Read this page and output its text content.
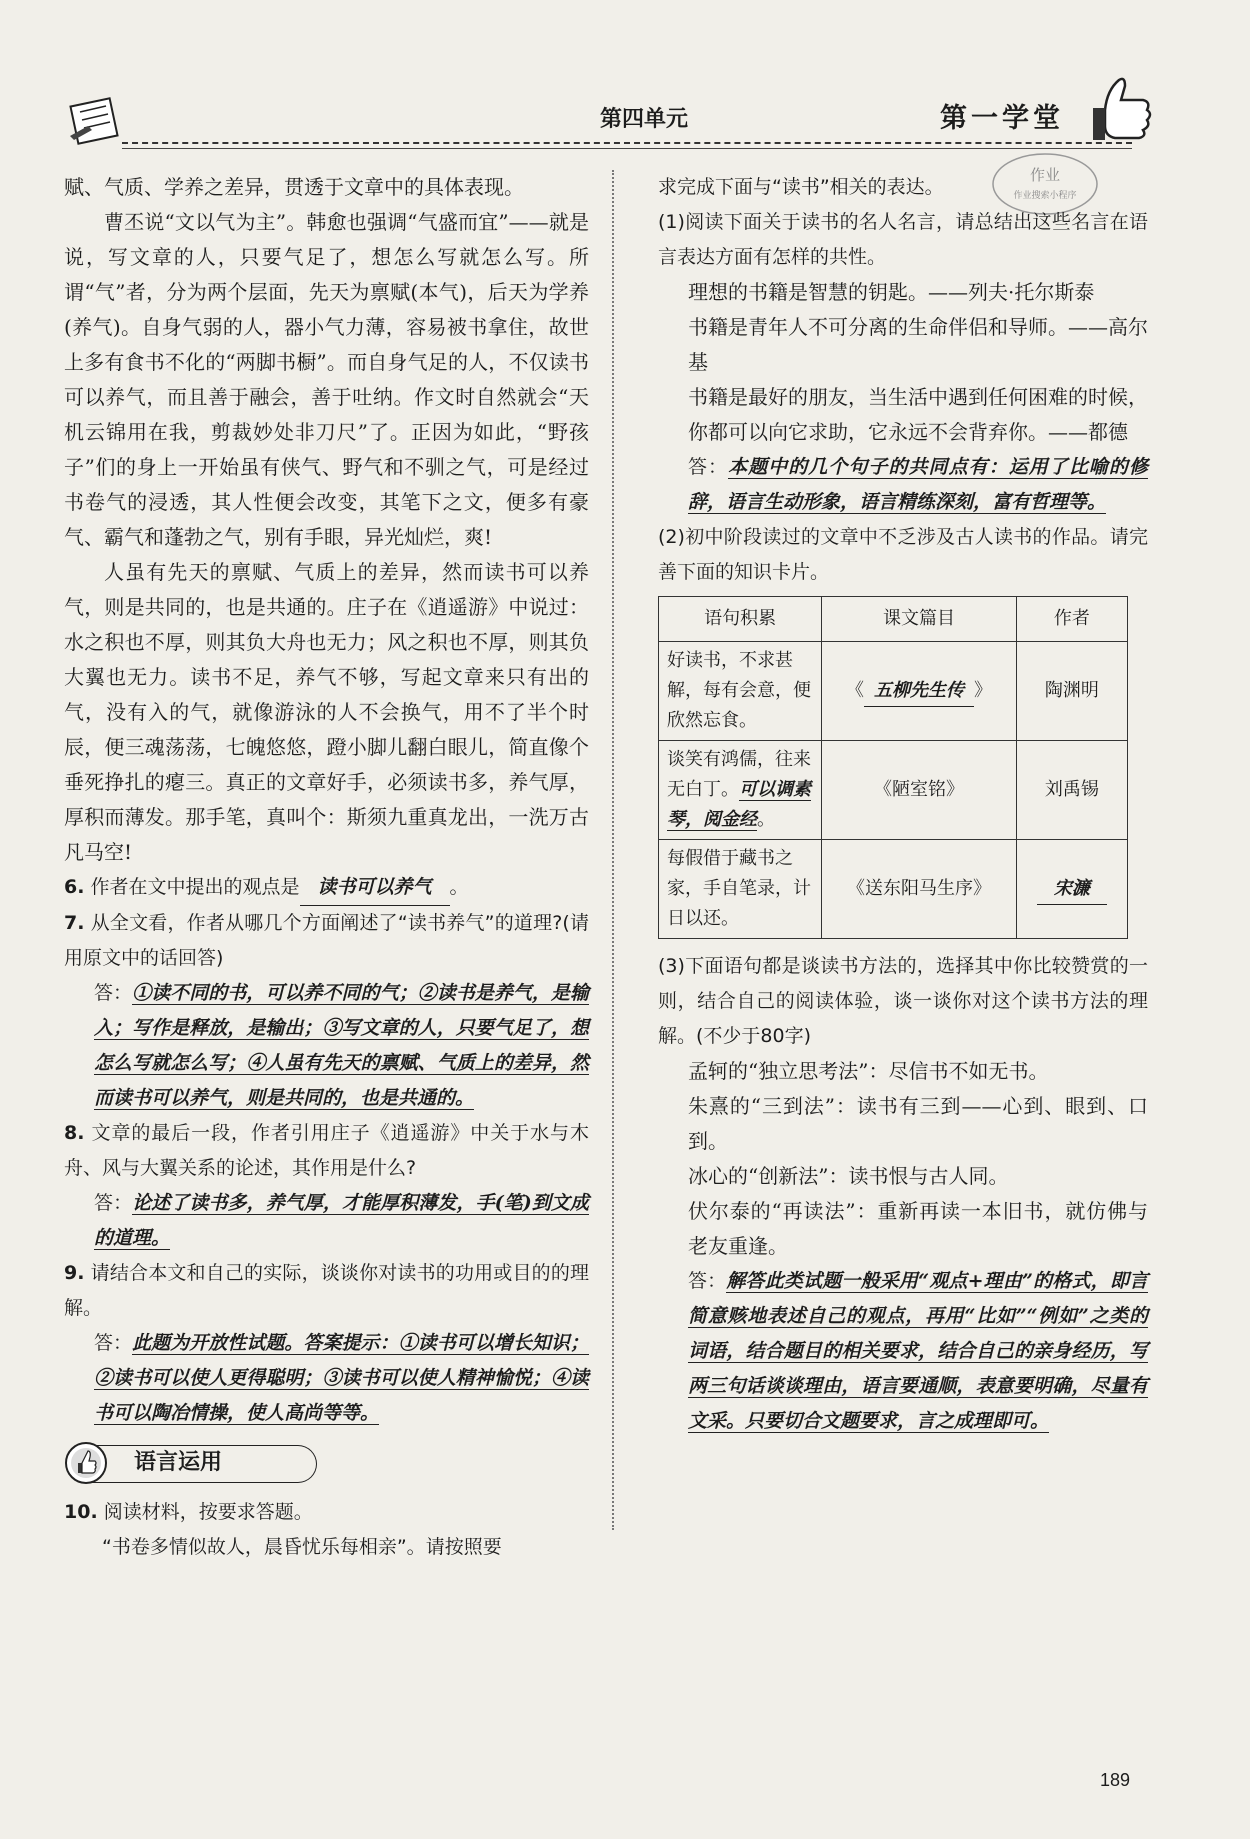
第四单元	第一学堂
作业
作业搜索小程序

赋、气质、学养之差异，贯透于文章中的具体表现。

曹丕说“文以气为主”。韩愈也强调“气盛而宜”——就是说，写文章的人，只要气足了，想怎么写就怎么写。所谓“气”者，分为两个层面，先天为禀赋(本气)，后天为学养(养气)。自身气弱的人，器小气力薄，容易被书拿住，故世上多有食书不化的“两脚书橱”。而自身气足的人，不仅读书可以养气，而且善于融会，善于吐纳。作文时自然就会“天机云锦用在我，剪裁妙处非刀尺”了。正因为如此，“野孩子”们的身上一开始虽有侠气、野气和不驯之气，可是经过书卷气的浸透，其人性便会改变，其笔下之文，便多有豪气、霸气和蓬勃之气，别有手眼，异光灿烂，爽!

人虽有先天的禀赋、气质上的差异，然而读书可以养气，则是共同的，也是共通的。庄子在《逍遥游》中说过：水之积也不厚，则其负大舟也无力；风之积也不厚，则其负大翼也无力。读书不足，养气不够，写起文章来只有出的气，没有入的气，就像游泳的人不会换气，用不了半个时辰，便三魂荡荡，七魄悠悠，蹬小脚儿翻白眼儿，简直像个垂死挣扎的瘪三。真正的文章好手，必须读书多，养气厚，厚积而薄发。那手笔，真叫个：斯须九重真龙出，一洗万古凡马空!

6. 作者在文中提出的观点是 读书可以养气 。

7. 从全文看，作者从哪几个方面阐述了“读书养气”的道理?(请用原文中的话回答)

答：①读不同的书，可以养不同的气；②读书是养气，是输入；写作是释放，是输出；③写文章的人，只要气足了，想怎么写就怎么写；④人虽有先天的禀赋、气质上的差异，然而读书可以养气，则是共同的，也是共通的。

8. 文章的最后一段，作者引用庄子《逍遥游》中关于水与木舟、风与大翼关系的论述，其作用是什么?

答：论述了读书多，养气厚，才能厚积薄发，手(笔)到文成的道理。

9. 请结合本文和自己的实际，谈谈你对读书的功用或目的的理解。

答：此题为开放性试题。答案提示：①读书可以增长知识；②读书可以使人更得聪明；③读书可以使人精神愉悦；④读书可以陶冶情操，使人高尚等等。

语言运用

10. 阅读材料，按要求答题。

“书卷多情似故人，晨昏忧乐每相亲”。请按照要

求完成下面与“读书”相关的表达。

(1)阅读下面关于读书的名人名言，请总结出这些名言在语言表达方面有怎样的共性。

理想的书籍是智慧的钥匙。——列夫·托尔斯泰

书籍是青年人不可分离的生命伴侣和导师。——高尔基

书籍是最好的朋友，当生活中遇到任何困难的时候，你都可以向它求助，它永远不会背弃你。——都德

答：本题中的几个句子的共同点有：运用了比喻的修辞，语言生动形象，语言精练深刻，富有哲理等。

(2)初中阶段读过的文章中不乏涉及古人读书的作品。请完善下面的知识卡片。

语句积累	课文篇目	作者
好读书，不求甚解，每有会意，便欣然忘食。	《 五柳先生传 》	陶渊明
谈笑有鸿儒，往来无白丁。可以调素琴，阅金经。	《陋室铭》	刘禹锡
每假借于藏书之家，手自笔录，计日以还。	《送东阳马生序》	宋濂

(3)下面语句都是谈读书方法的，选择其中你比较赞赏的一则，结合自己的阅读体验，谈一谈你对这个读书方法的理解。(不少于80字)

孟轲的“独立思考法”：尽信书不如无书。

朱熹的“三到法”：读书有三到——心到、眼到、口到。

冰心的“创新法”：读书恨与古人同。

伏尔泰的“再读法”：重新再读一本旧书，就仿佛与老友重逢。

答：解答此类试题一般采用“观点+理由”的格式，即言简意赅地表述自己的观点，再用“比如”“例如”之类的词语，结合题目的相关要求，结合自己的亲身经历，写两三句话谈谈理由，语言要通顺，表意要明确，尽量有文采。只要切合文题要求，言之成理即可。

189
